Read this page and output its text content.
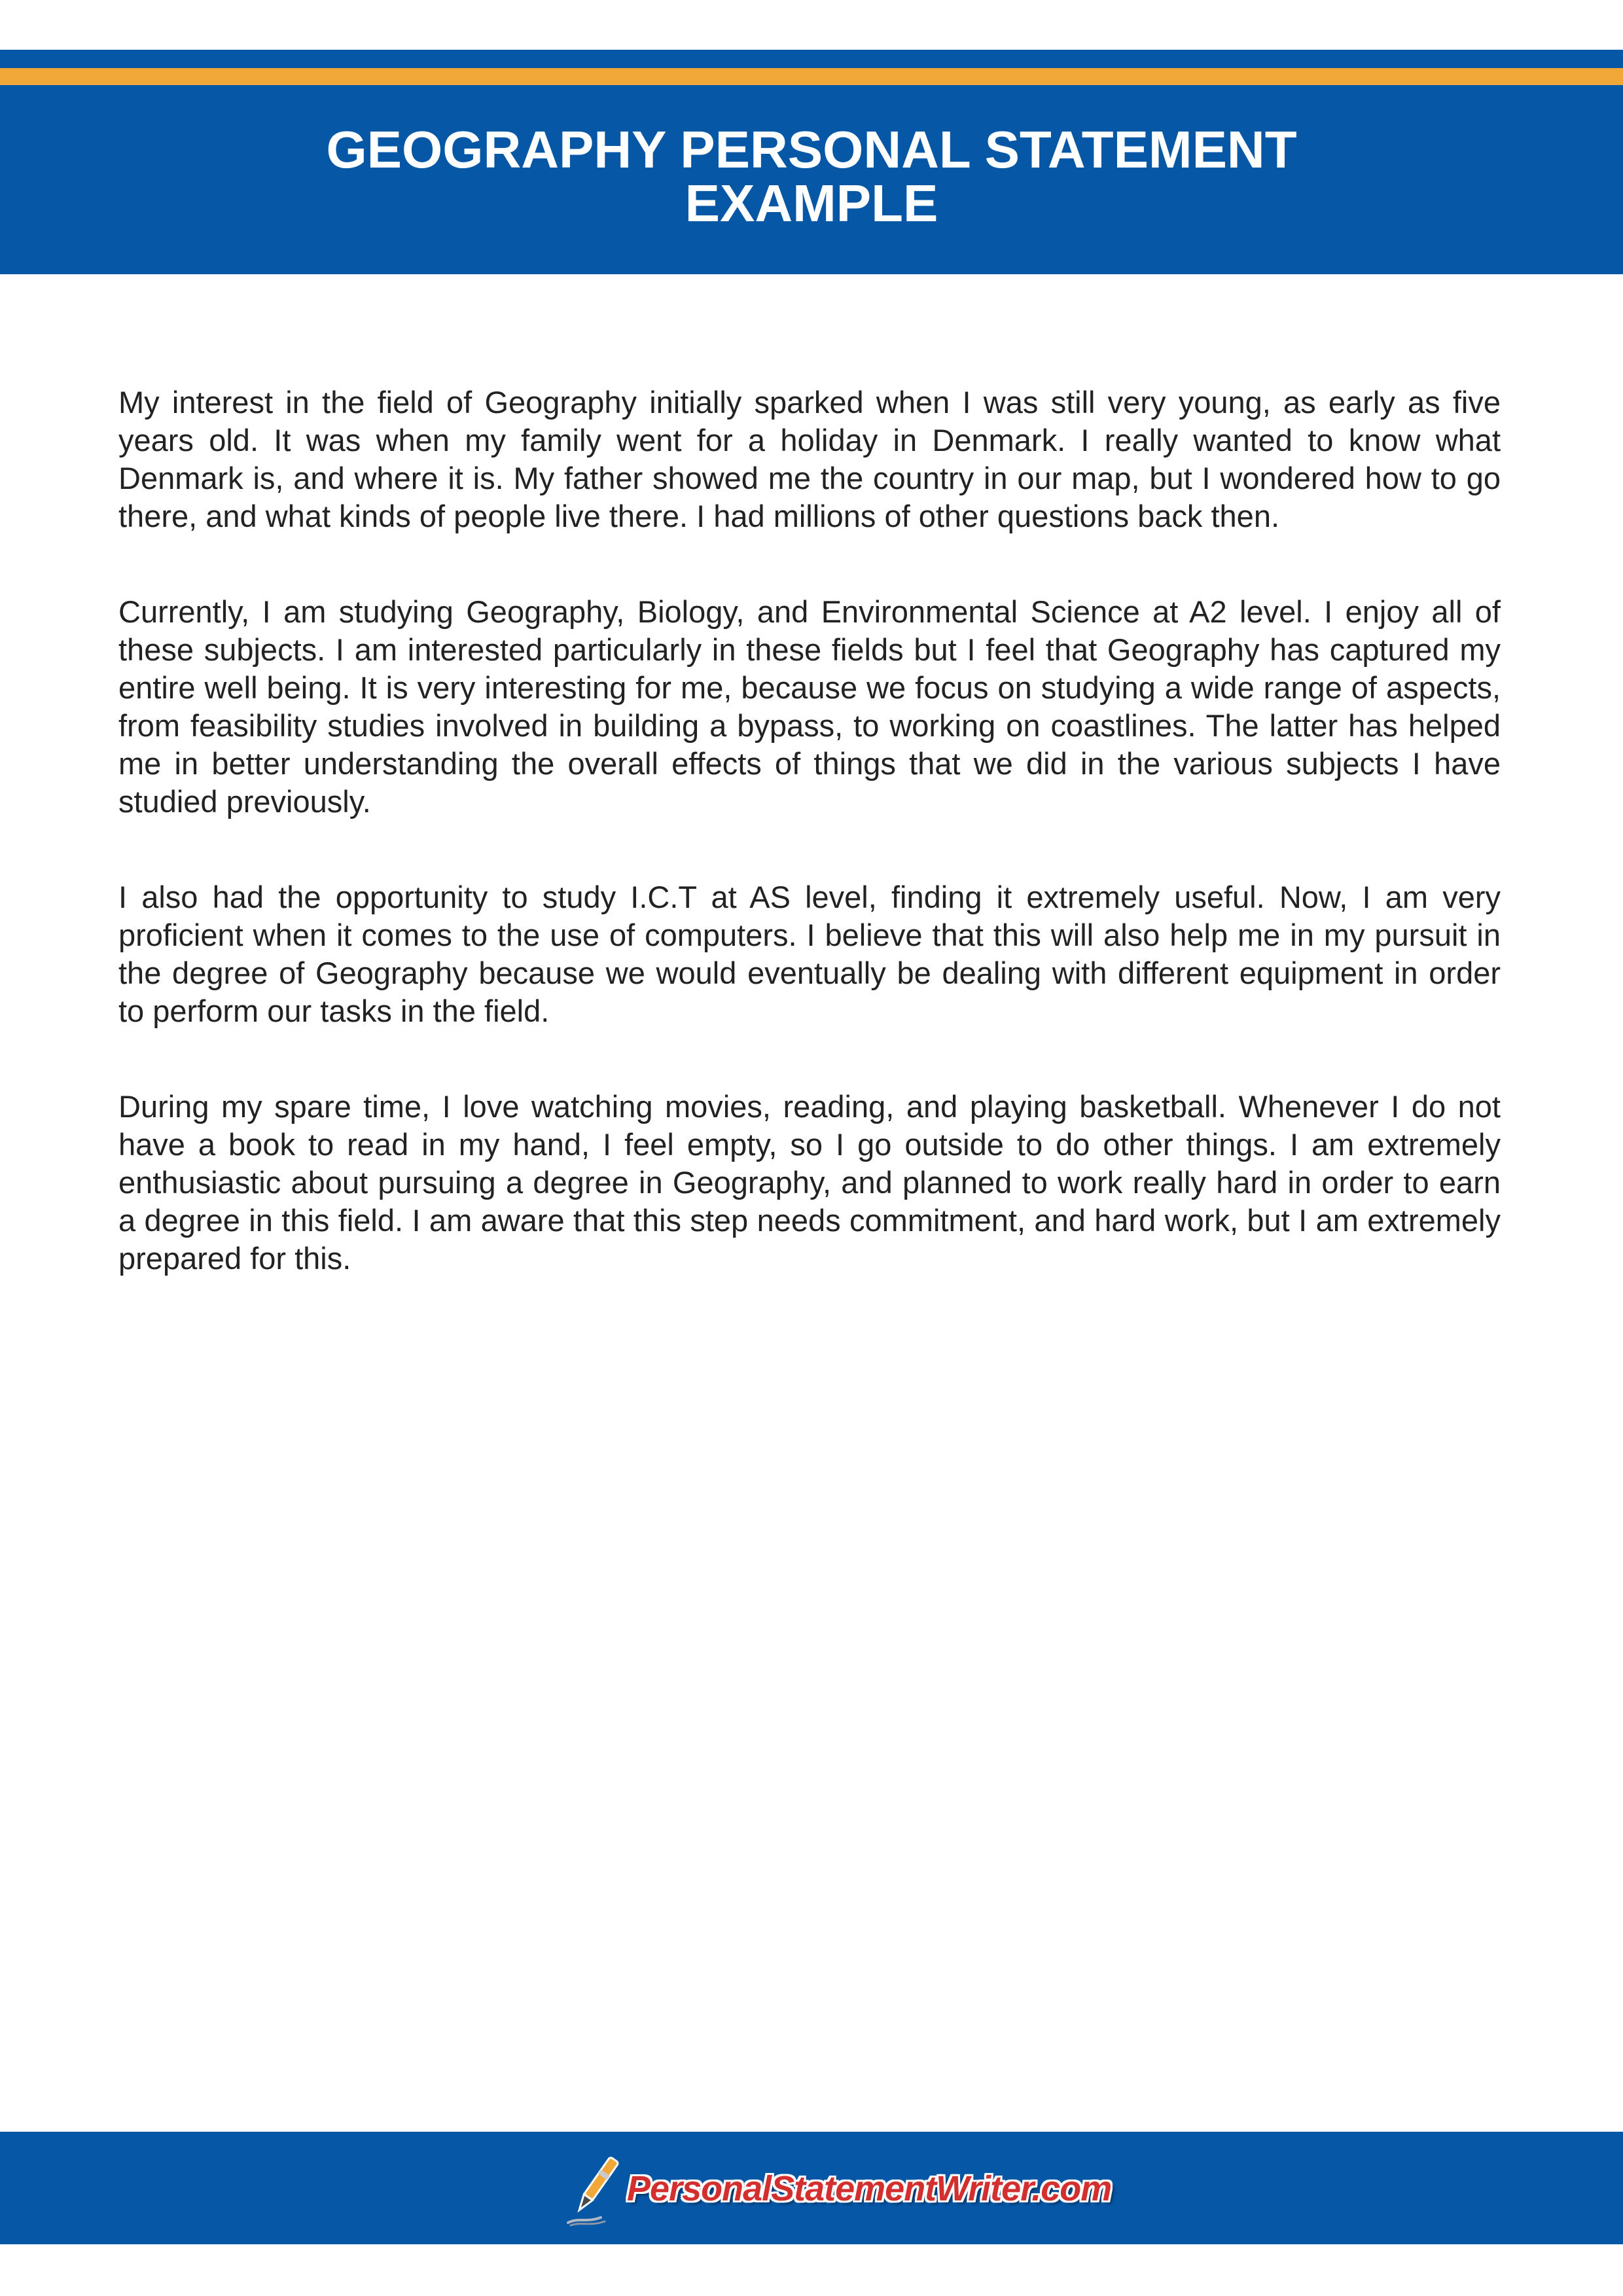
GEOGRAPHY PERSONAL STATEMENT
EXAMPLE

My interest in the field of Geography initially sparked when I was still very young, as early as five years old. It was when my family went for a holiday in Denmark. I really wanted to know what Denmark is, and where it is. My father showed me the country in our map, but I wondered how to go there, and what kinds of people live there. I had millions of other questions back then.

Currently, I am studying Geography, Biology, and Environmental Science at A2 level. I enjoy all of these subjects. I am interested particularly in these fields but I feel that Geography has captured my entire well being. It is very interesting for me, because we focus on studying a wide range of aspects, from feasibility studies involved in building a bypass, to working on coastlines. The latter has helped me in better understanding the overall effects of things that we did in the various subjects I have studied previously.

I also had the opportunity to study I.C.T at AS level, finding it extremely useful. Now, I am very proficient when it comes to the use of computers. I believe that this will also help me in my pursuit in the degree of Geography because we would eventually be dealing with different equipment in order to perform our tasks in the field.

During my spare time, I love watching movies, reading, and playing basketball. Whenever I do not have a book to read in my hand, I feel empty, so I go outside to do other things. I am extremely enthusiastic about pursuing a degree in Geography, and planned to work really hard in order to earn a degree in this field. I am aware that this step needs commitment, and hard work, but I am extremely prepared for this.

PersonalStatementWriter.com
